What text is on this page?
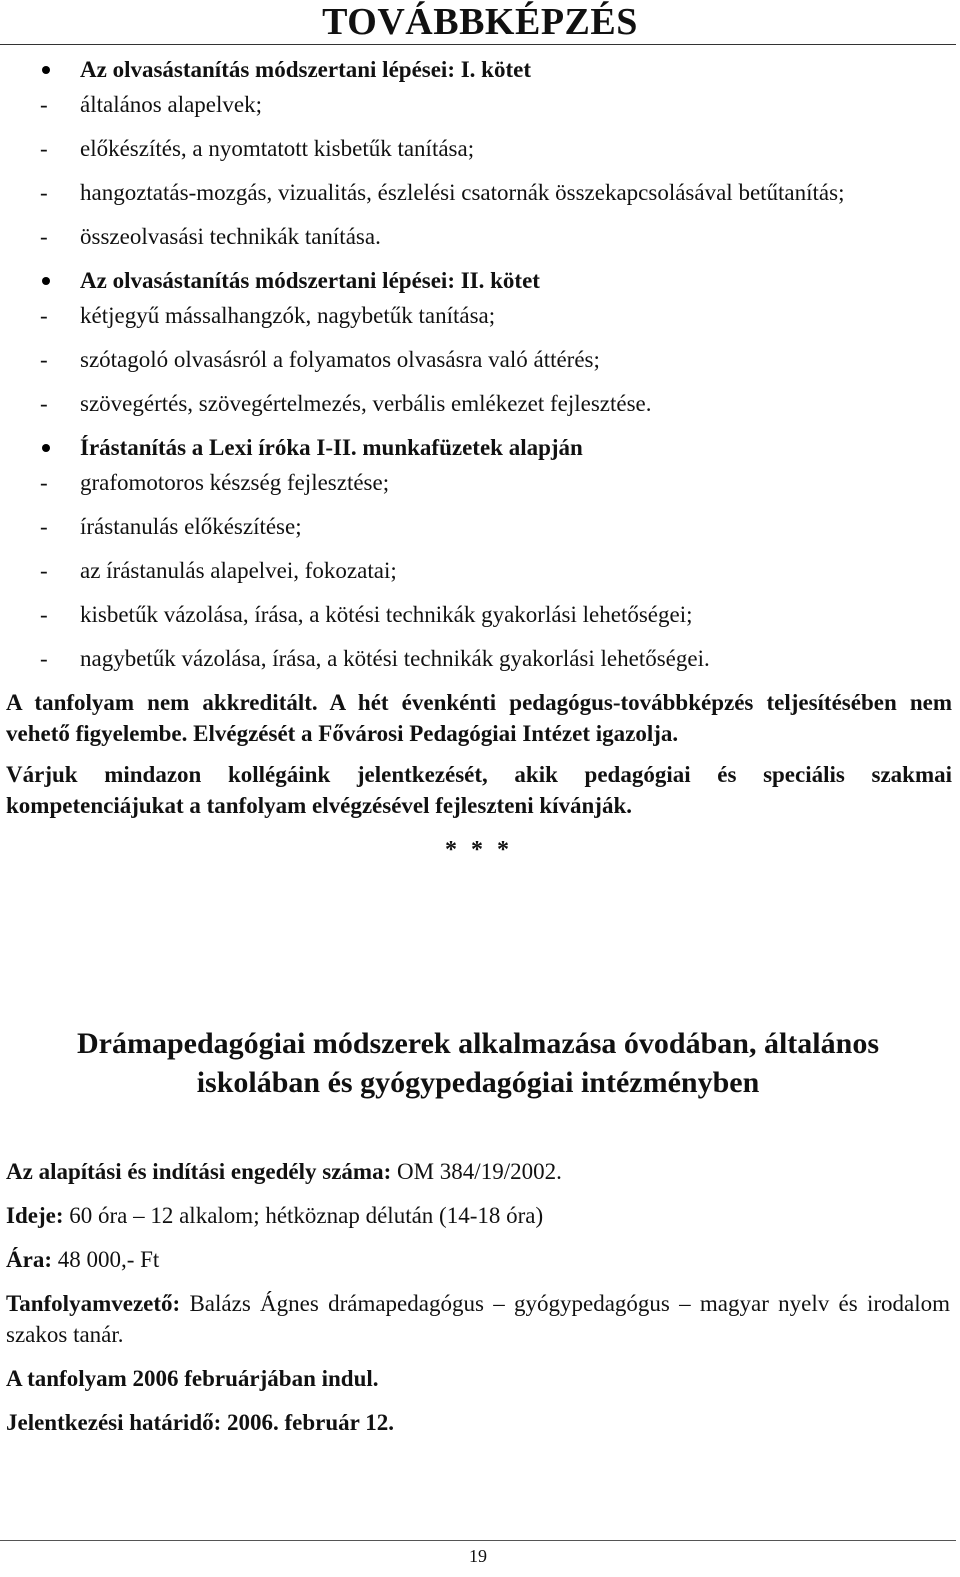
TOVÁBBKÉPZÉS
Az olvasástanítás módszertani lépései: I. kötet
- általános alapelvek;
- előkészítés, a nyomtatott kisbetűk tanítása;
- hangoztatás-mozgás, vizualitás, észlelési csatornák összekapcsolásával betűtanítás;
- összeolvasási technikák tanítása.
Az olvasástanítás módszertani lépései: II. kötet
- kétjegyű mássalhangzók, nagybetűk tanítása;
- szótagoló olvasásról a folyamatos olvasásra való áttérés;
- szövegértés, szövegértelmezés, verbális emlékezet fejlesztése.
Írástanítás a Lexi íróka I-II. munkafüzetek alapján
- grafomotoros készség fejlesztése;
- írástanulás előkészítése;
- az írástanulás alapelvei, fokozatai;
- kisbetűk vázolása, írása, a kötési technikák gyakorlási lehetőségei;
- nagybetűk vázolása, írása, a kötési technikák gyakorlási lehetőségei.
A tanfolyam nem akkreditált. A hét évenkénti pedagógus-továbbképzés teljesítésében nem vehető figyelembe. Elvégzését a Fővárosi Pedagógiai Intézet igazolja.
Várjuk mindazon kollégáink jelentkezését, akik pedagógiai és speciális szakmai kompetenciájukat a tanfolyam elvégzésével fejleszteni kívánják.
* * *
Drámapedagógiai módszerek alkalmazása óvodában, általános
iskolában és gyógypedagógiai intézményben

Az alapítási és indítási engedély száma: OM 384/19/2002.

Ideje: 60 óra – 12 alkalom; hétköznap délután (14-18 óra)

Ára: 48 000,- Ft

Tanfolyamvezető: Balázs Ágnes drámapedagógus – gyógypedagógus – magyar nyelv és irodalom szakos tanár.

A tanfolyam 2006 februárjában indul.

Jelentkezési határidő: 2006. február 12.

19
